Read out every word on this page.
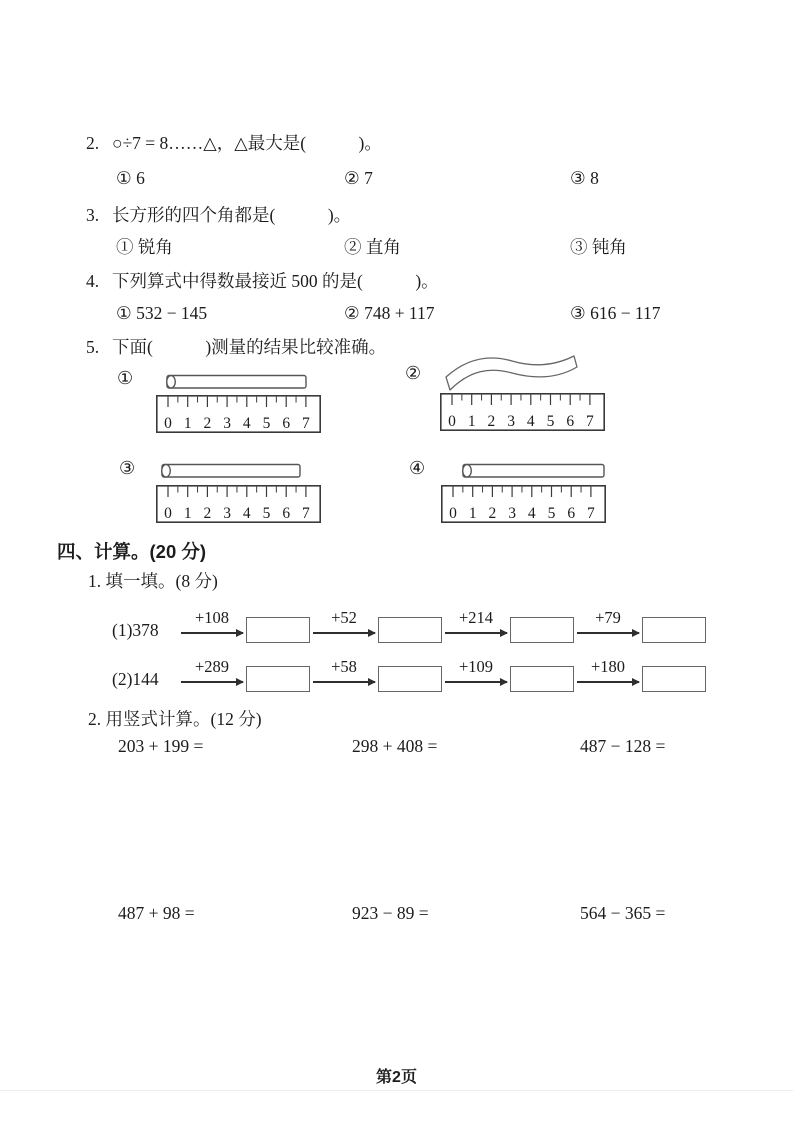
2. ○÷7 = 8……△，△最大是(　　　)。
① 6	② 7	③ 8
3. 长方形的四个角都是(　　　)。
① 锐角	② 直角	③ 钝角
4. 下列算式中得数最接近 500 的是(　　　)。
① 532 − 145	② 748 + 117	③ 616 − 117
5. 下面(　　　)测量的结果比较准确。
①
0 1 2 3 4 5 6 7
②
0 1 2 3 4 5 6 7
③
0 1 2 3 4 5 6 7
④
0 1 2 3 4 5 6 7
四、计算。(20 分)
1. 填一填。(8 分)
(1)378
+108	+52	+214	+79
(2)144
+289	+58	+109	+180
2. 用竖式计算。(12 分)
203 + 199 =	298 + 408 =	487 − 128 =
487 + 98 =	923 − 89 =	564 − 365 =
第2页
